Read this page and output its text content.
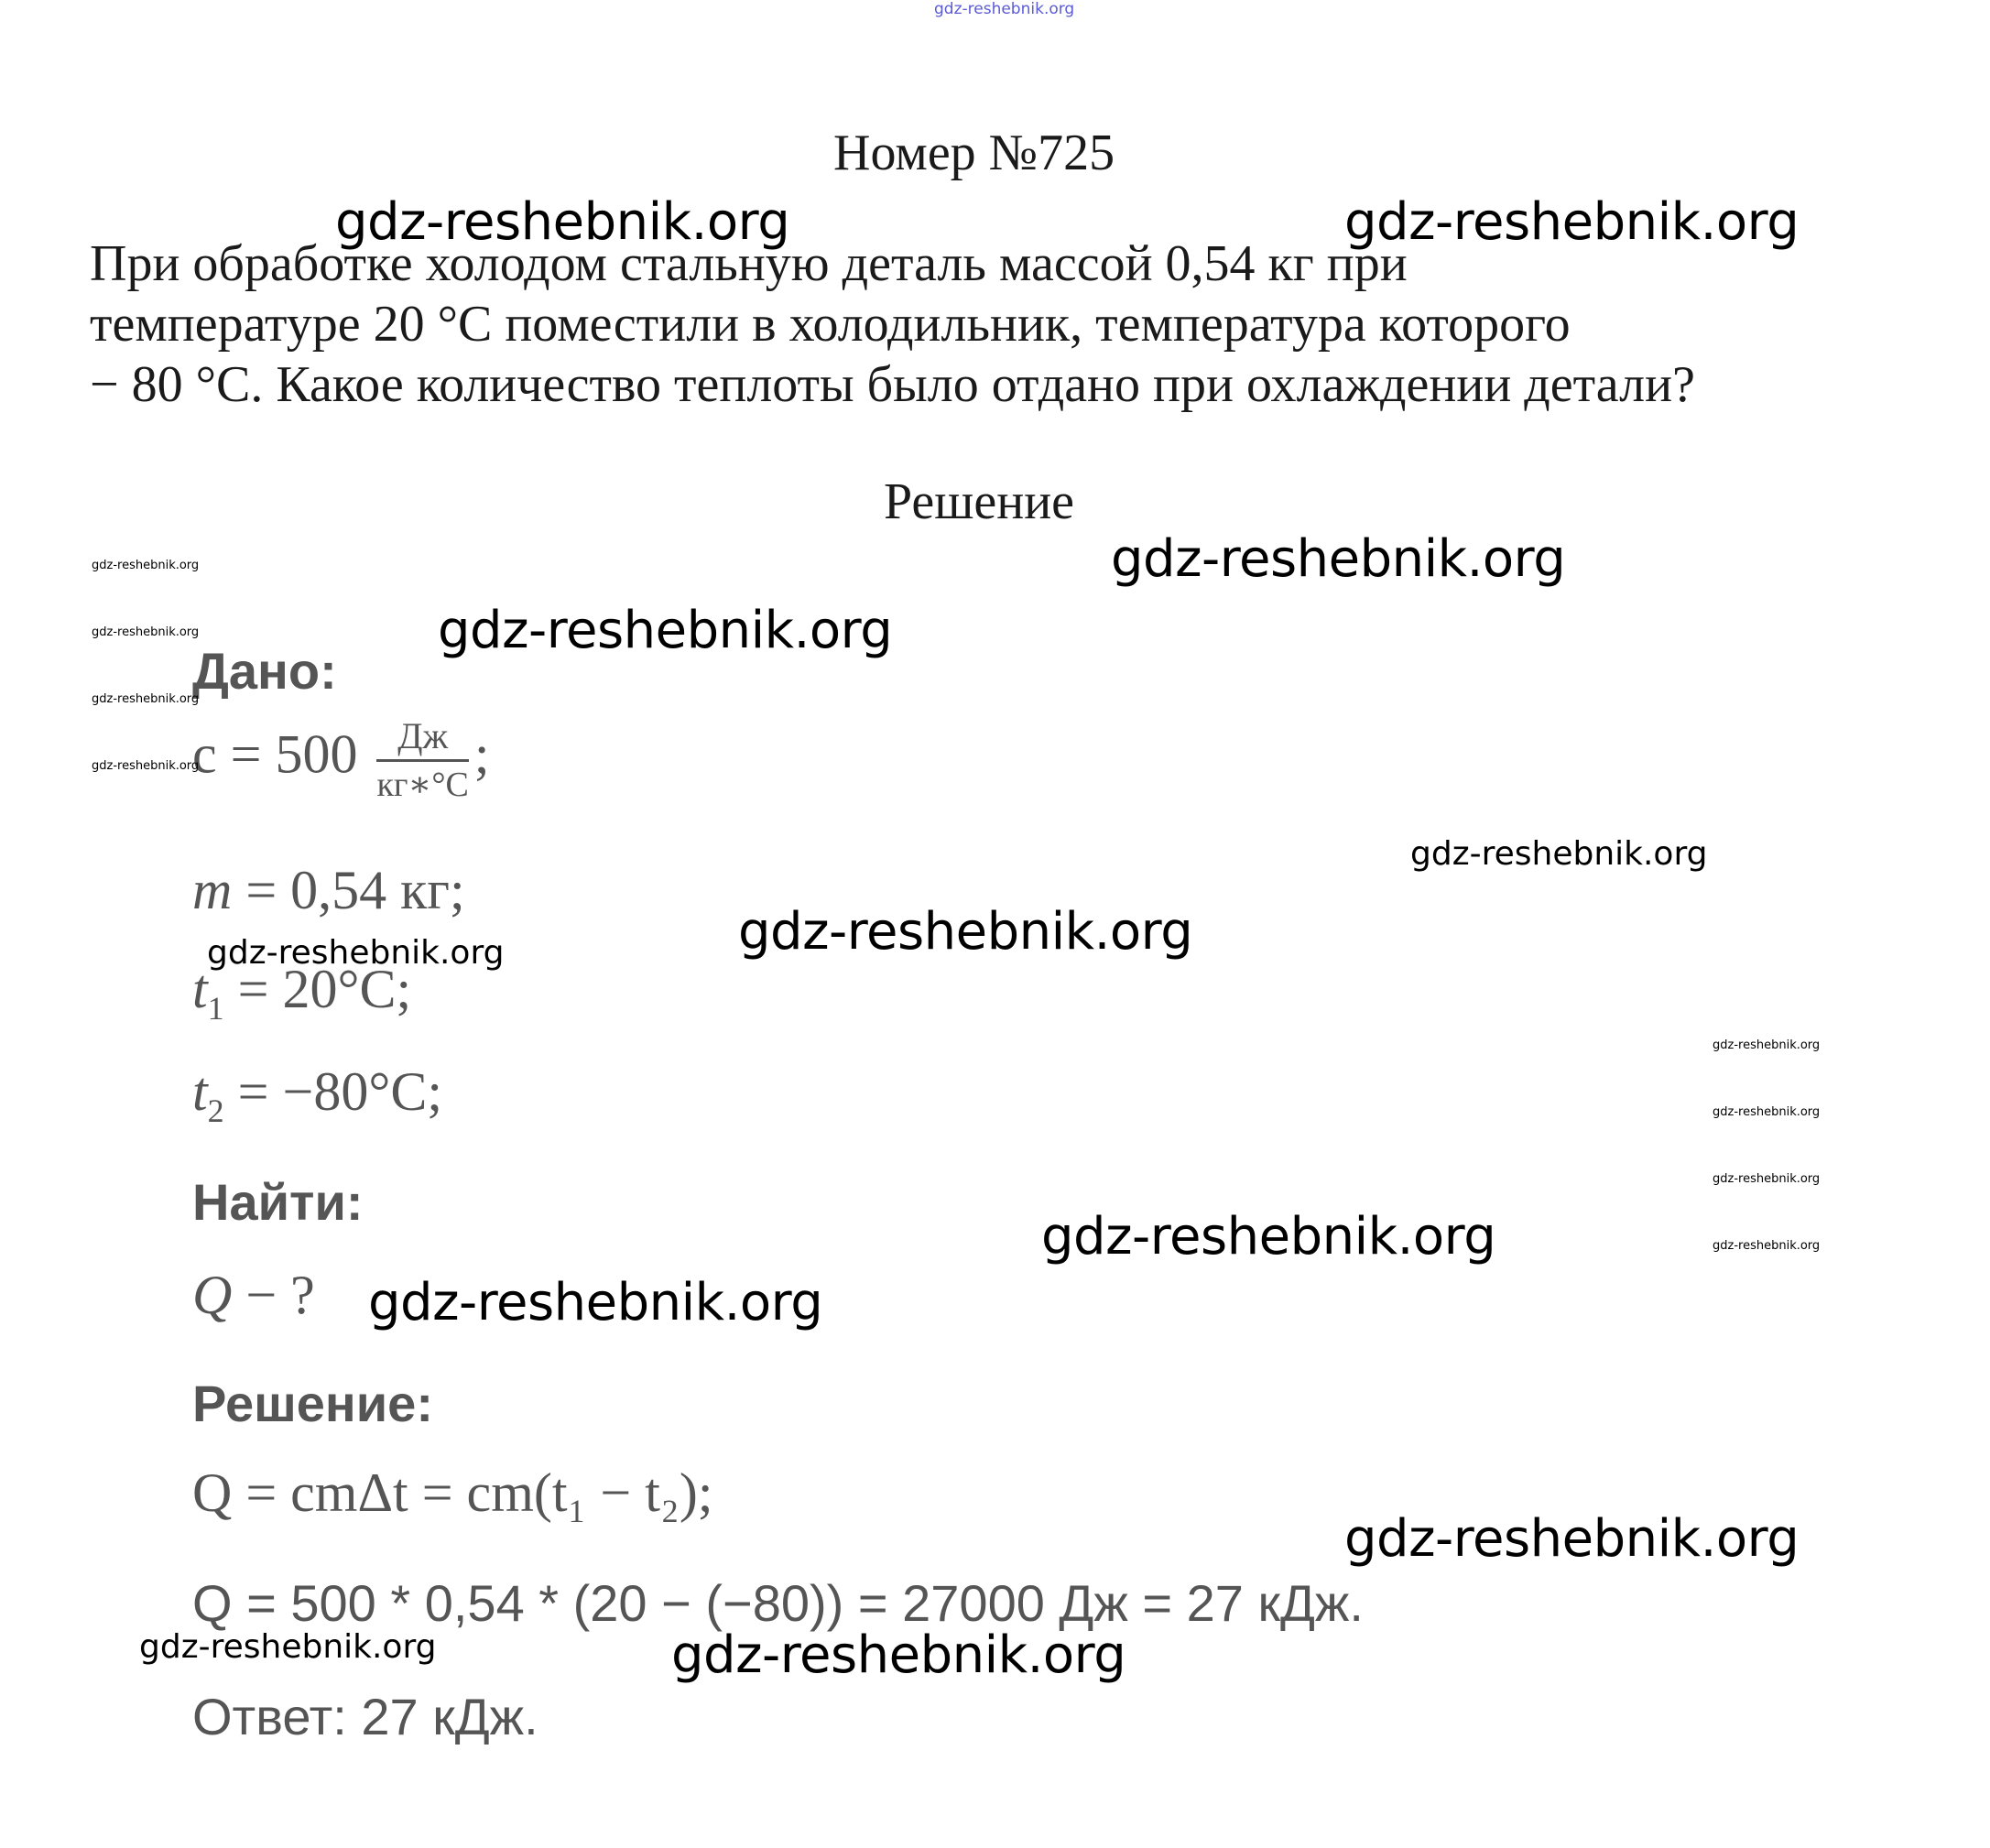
gdz-reshebnik.org
Номер №725
При обработке холодом стальную деталь массой 0,54 кг при
температуре 20 °С поместили в холодильник, температура которого
− 80 °С. Какое количество теплоты было отдано при охлаждении детали?
Решение
Дано:
$c = 500 \frac{Дж}{кг∗^\circ С}$ ;
m = 0,54 кг;
$t_1 = 20^\circ С$;
$t_2 = -80^\circ С$;
Найти:
Q − ?
Решение:
Q = cmΔt = cm(t₁ − t₂);
Q = 500 * 0,54 * (20 − (−80)) = 27000 Дж = 27 кДж.
Ответ: 27 кДж.
gdz-reshebnik.org	gdz-reshebnik.org
gdz-reshebnik.org
gdz-reshebnik.org
gdz-reshebnik.org
gdz-reshebnik.org
gdz-reshebnik.org
gdz-reshebnik.org
gdz-reshebnik.org
gdz-reshebnik.org
gdz-reshebnik.org
gdz-reshebnik.org
gdz-reshebnik.org
gdz-reshebnik.org
gdz-reshebnik.org
gdz-reshebnik.org
gdz-reshebnik.org
gdz-reshebnik.org
gdz-reshebnik.org
gdz-reshebnik.org
